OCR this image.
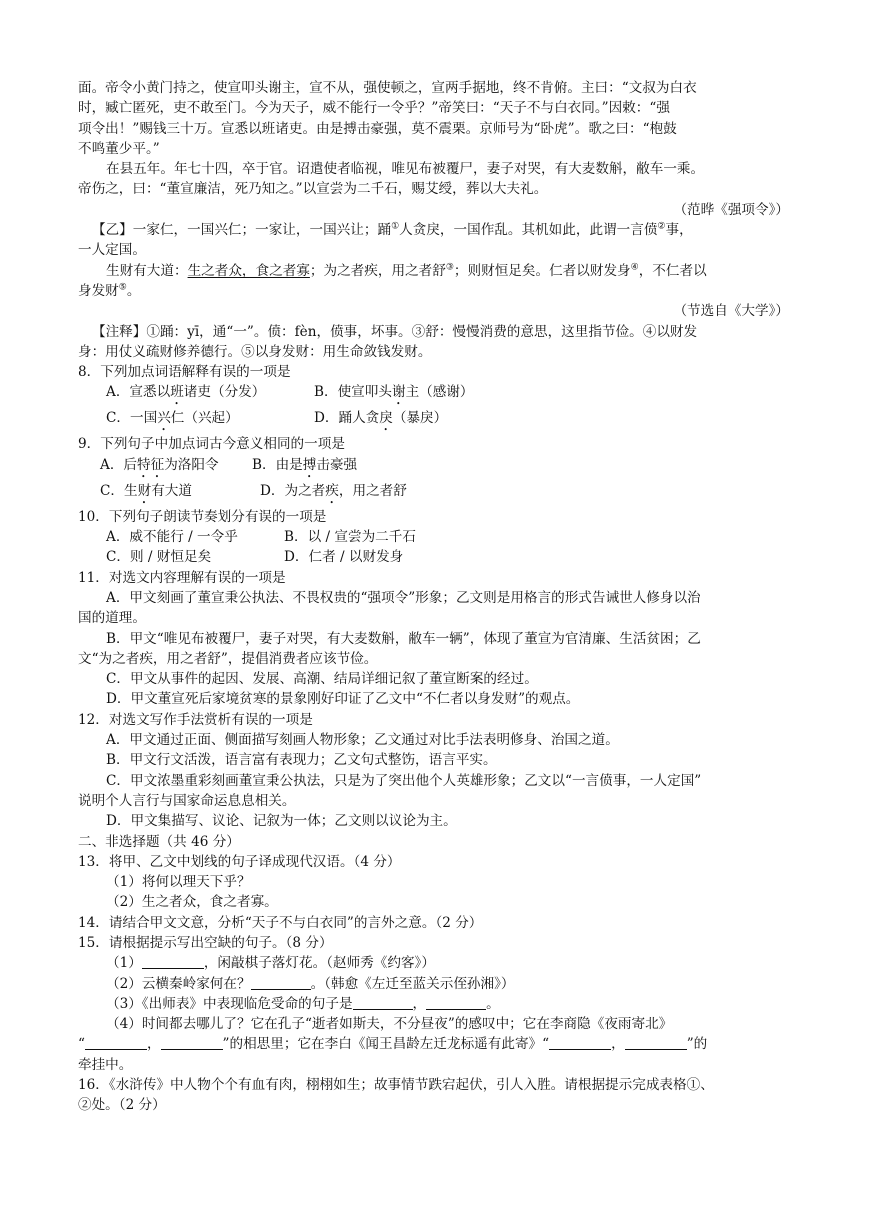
面。帝令小黄门持之，使宣叩头谢主，宣不从，强使顿之，宣两手据地，终不肯俯。主曰：“文叔为白衣
时，臧亡匿死，吏不敢至门。今为天子，威不能行一令乎？”帝笑曰：“天子不与白衣同。”因敕：“强
项令出！”赐钱三十万。宣悉以班诸吏。由是搏击豪强，莫不震栗。京师号为“卧虎”。歌之曰：“枹鼓
不鸣董少平。”
在县五年。年七十四，卒于官。诏遣使者临视，唯见布被覆尸，妻子对哭，有大麦数斛，敝车一乘。
帝伤之，曰：“董宣廉洁，死乃知之。”以宣尝为二千石，赐艾绶，葬以大夫礼。
（范晔《强项令》）
【乙】一家仁，一国兴仁；一家让，一国兴让；踊①人贪戾，一国作乱。其机如此，此谓一言偾②事，
一人定国。
生财有大道：生之者众，食之者寡；为之者疾，用之者舒③；则财恒足矣。仁者以财发身④，不仁者以
身发财⑤。
（节选自《大学》）
【注释】①踊：yī，通“一”。偾：fèn，偾事，坏事。③舒：慢慢消费的意思，这里指节俭。④以财发
身：用仗义疏财修养德行。⑤以身发财：用生命敛钱发财。
8．下列加点词语解释有误的一项是
A．宣悉以班诸吏（分发）	B．使宣叩头谢主（感谢）
C．一国兴仁（兴起）	D．踊人贪戾（暴戾）
9．下列句子中加点词古今意义相同的一项是
A．后特征为洛阳令 B．由是搏击豪强
C．生财有大道	D．为之者疾，用之者舒
10．下列句子朗读节奏划分有误的一项是
A．威不能行 / 一令乎	B．以 / 宣尝为二千石
C．则 / 财恒足矣	D．仁者 / 以财发身
11．对选文内容理解有误的一项是
A．甲文刻画了董宣秉公执法、不畏权贵的“强项令”形象；乙文则是用格言的形式告诫世人修身以治
国的道理。
B．甲文“唯见布被覆尸，妻子对哭，有大麦数斛，敝车一辆”，体现了董宣为官清廉、生活贫困；乙
文“为之者疾，用之者舒”，提倡消费者应该节俭。
C．甲文从事件的起因、发展、高潮、结局详细记叙了董宣断案的经过。
D．甲文董宣死后家境贫寒的景象刚好印证了乙文中“不仁者以身发财”的观点。
12．对选文写作手法赏析有误的一项是
A．甲文通过正面、侧面描写刻画人物形象；乙文通过对比手法表明修身、治国之道。
B．甲文行文活泼，语言富有表现力；乙文句式整饬，语言平实。
C．甲文浓墨重彩刻画董宣秉公执法，只是为了突出他个人英雄形象；乙文以“一言偾事，一人定国”
说明个人言行与国家命运息息相关。
D．甲文集描写、议论、记叙为一体；乙文则以议论为主。
二、非选择题（共 46 分）
13．将甲、乙文中划线的句子译成现代汉语。（4 分）
（1）将何以理天下乎？
（2）生之者众，食之者寡。
14．请结合甲文文意，分析“天子不与白衣同”的言外之意。（2 分）
15．请根据提示写出空缺的句子。（8 分）
（1）	，闲敲棋子落灯花。（赵师秀《约客》）
（2）云横秦岭家何在？	。（韩愈《左迁至蓝关示侄孙湘》）
（3）《出师表》中表现临危受命的句子是	，	。
（4）时间都去哪儿了？它在孔子“逝者如斯夫，不分昼夜”的感叹中；它在李商隐《夜雨寄北》
“	，	”的相思里；它在李白《闻王昌龄左迁龙标遥有此寄》“	，	”的
牵挂中。
16．《水浒传》中人物个个有血有肉，栩栩如生；故事情节跌宕起伏，引人入胜。请根据提示完成表格①、
②处。（2 分）
